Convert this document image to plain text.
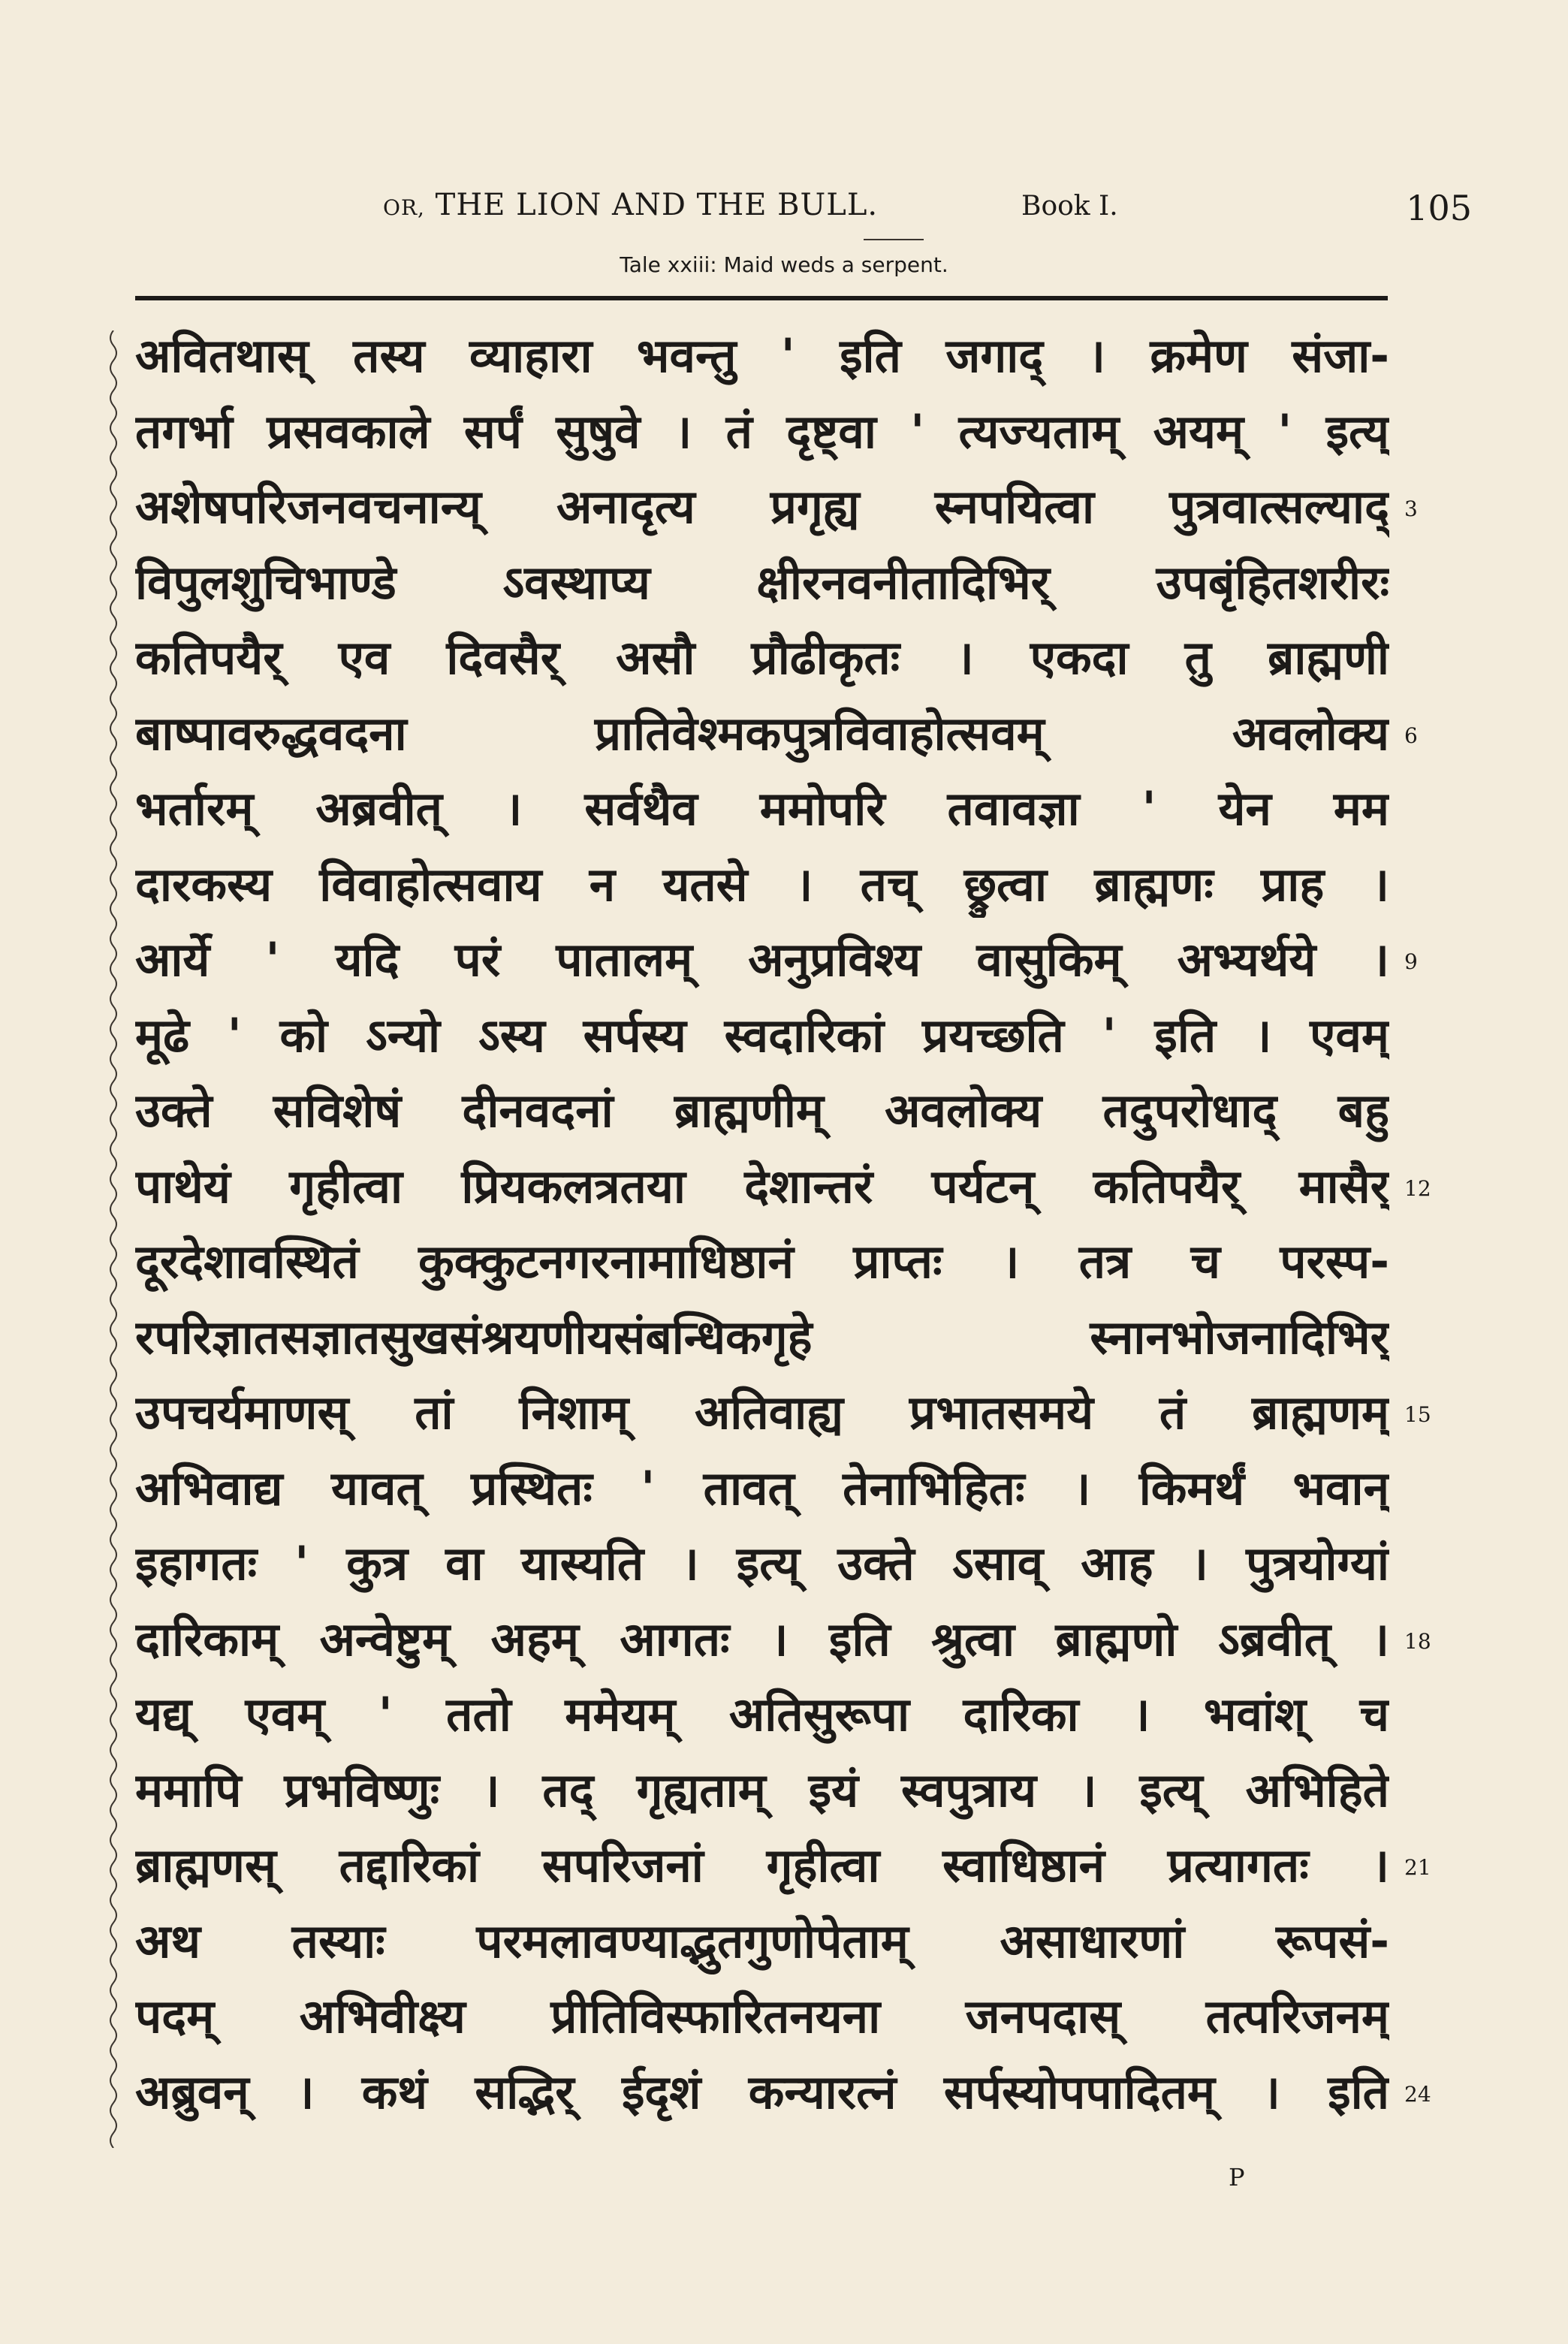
OR, THE LION AND THE BULL.	Book I.	105
Tale xxiii: Maid weds a serpent.
अवितथास् तस्य व्याहारा भवन्तु ' इति जगाद् । क्रमेण संजा-
तगर्भा प्रसवकाले सर्पं सुषुवे । तं दृष्ट्वा ' त्यज्यताम् अयम् ' इत्य्
अशेषपरिजनवचनान्य् अनादृत्य प्रगृह्य स्नपयित्वा पुत्रवात्सल्याद् 3
विपुलशुचिभाण्डे ऽवस्थाप्य क्षीरनवनीतादिभिर् उपबृंहितशरीरः
कतिपयैर् एव दिवसैर् असौ प्रौढीकृतः । एकदा तु ब्राह्मणी
बाष्पावरुद्धवदना प्रातिवेश्मकपुत्रविवाहोत्सवम् अवलोक्य 6
भर्तारम् अब्रवीत् । सर्वथैव ममोपरि तवावज्ञा ' येन मम
दारकस्य विवाहोत्सवाय न यतसे । तच् छ्रुत्वा ब्राह्मणः प्राह ।
आर्ये ' यदि परं पातालम् अनुप्रविश्य वासुकिम् अभ्यर्थये । 9
मूढे ' को ऽन्यो ऽस्य सर्पस्य स्वदारिकां प्रयच्छति ' इति । एवम्
उक्ते सविशेषं दीनवदनां ब्राह्मणीम् अवलोक्य तदुपरोधाद् बहु
पाथेयं गृहीत्वा प्रियकलत्रतया देशान्तरं पर्यटन् कतिपयैर् मासैर् 12
दूरदेशावस्थितं कुक्कुटनगरनामाधिष्ठानं प्राप्तः । तत्र च परस्प-
रपरिज्ञातसज्ञातसुखसंश्रयणीयसंबन्धिकगृहे स्नानभोजनादिभिर्
उपचर्यमाणस् तां निशाम् अतिवाह्य प्रभातसमये तं ब्राह्मणम् 15
अभिवाद्य यावत् प्रस्थितः ' तावत् तेनाभिहितः । किमर्थं भवान्
इहागतः ' कुत्र वा यास्यति । इत्य् उक्ते ऽसाव् आह । पुत्रयोग्यां
दारिकाम् अन्वेष्टुम् अहम् आगतः । इति श्रुत्वा ब्राह्मणो ऽब्रवीत् । 18
यद्य् एवम् ' ततो ममेयम् अतिसुरूपा दारिका । भवांश् च
ममापि प्रभविष्णुः । तद् गृह्यताम् इयं स्वपुत्राय । इत्य् अभिहिते
ब्राह्मणस् तद्दारिकां सपरिजनां गृहीत्वा स्वाधिष्ठानं प्रत्यागतः । 21
अथ तस्याः परमलावण्याद्भुतगुणोपेताम् असाधारणां रूपसं-
पदम् अभिवीक्ष्य प्रीतिविस्फारितनयना जनपदास् तत्परिजनम्
अब्रुवन् । कथं सद्भिर् ईदृशं कन्यारत्नं सर्पस्योपपादितम् । इति 24
P
